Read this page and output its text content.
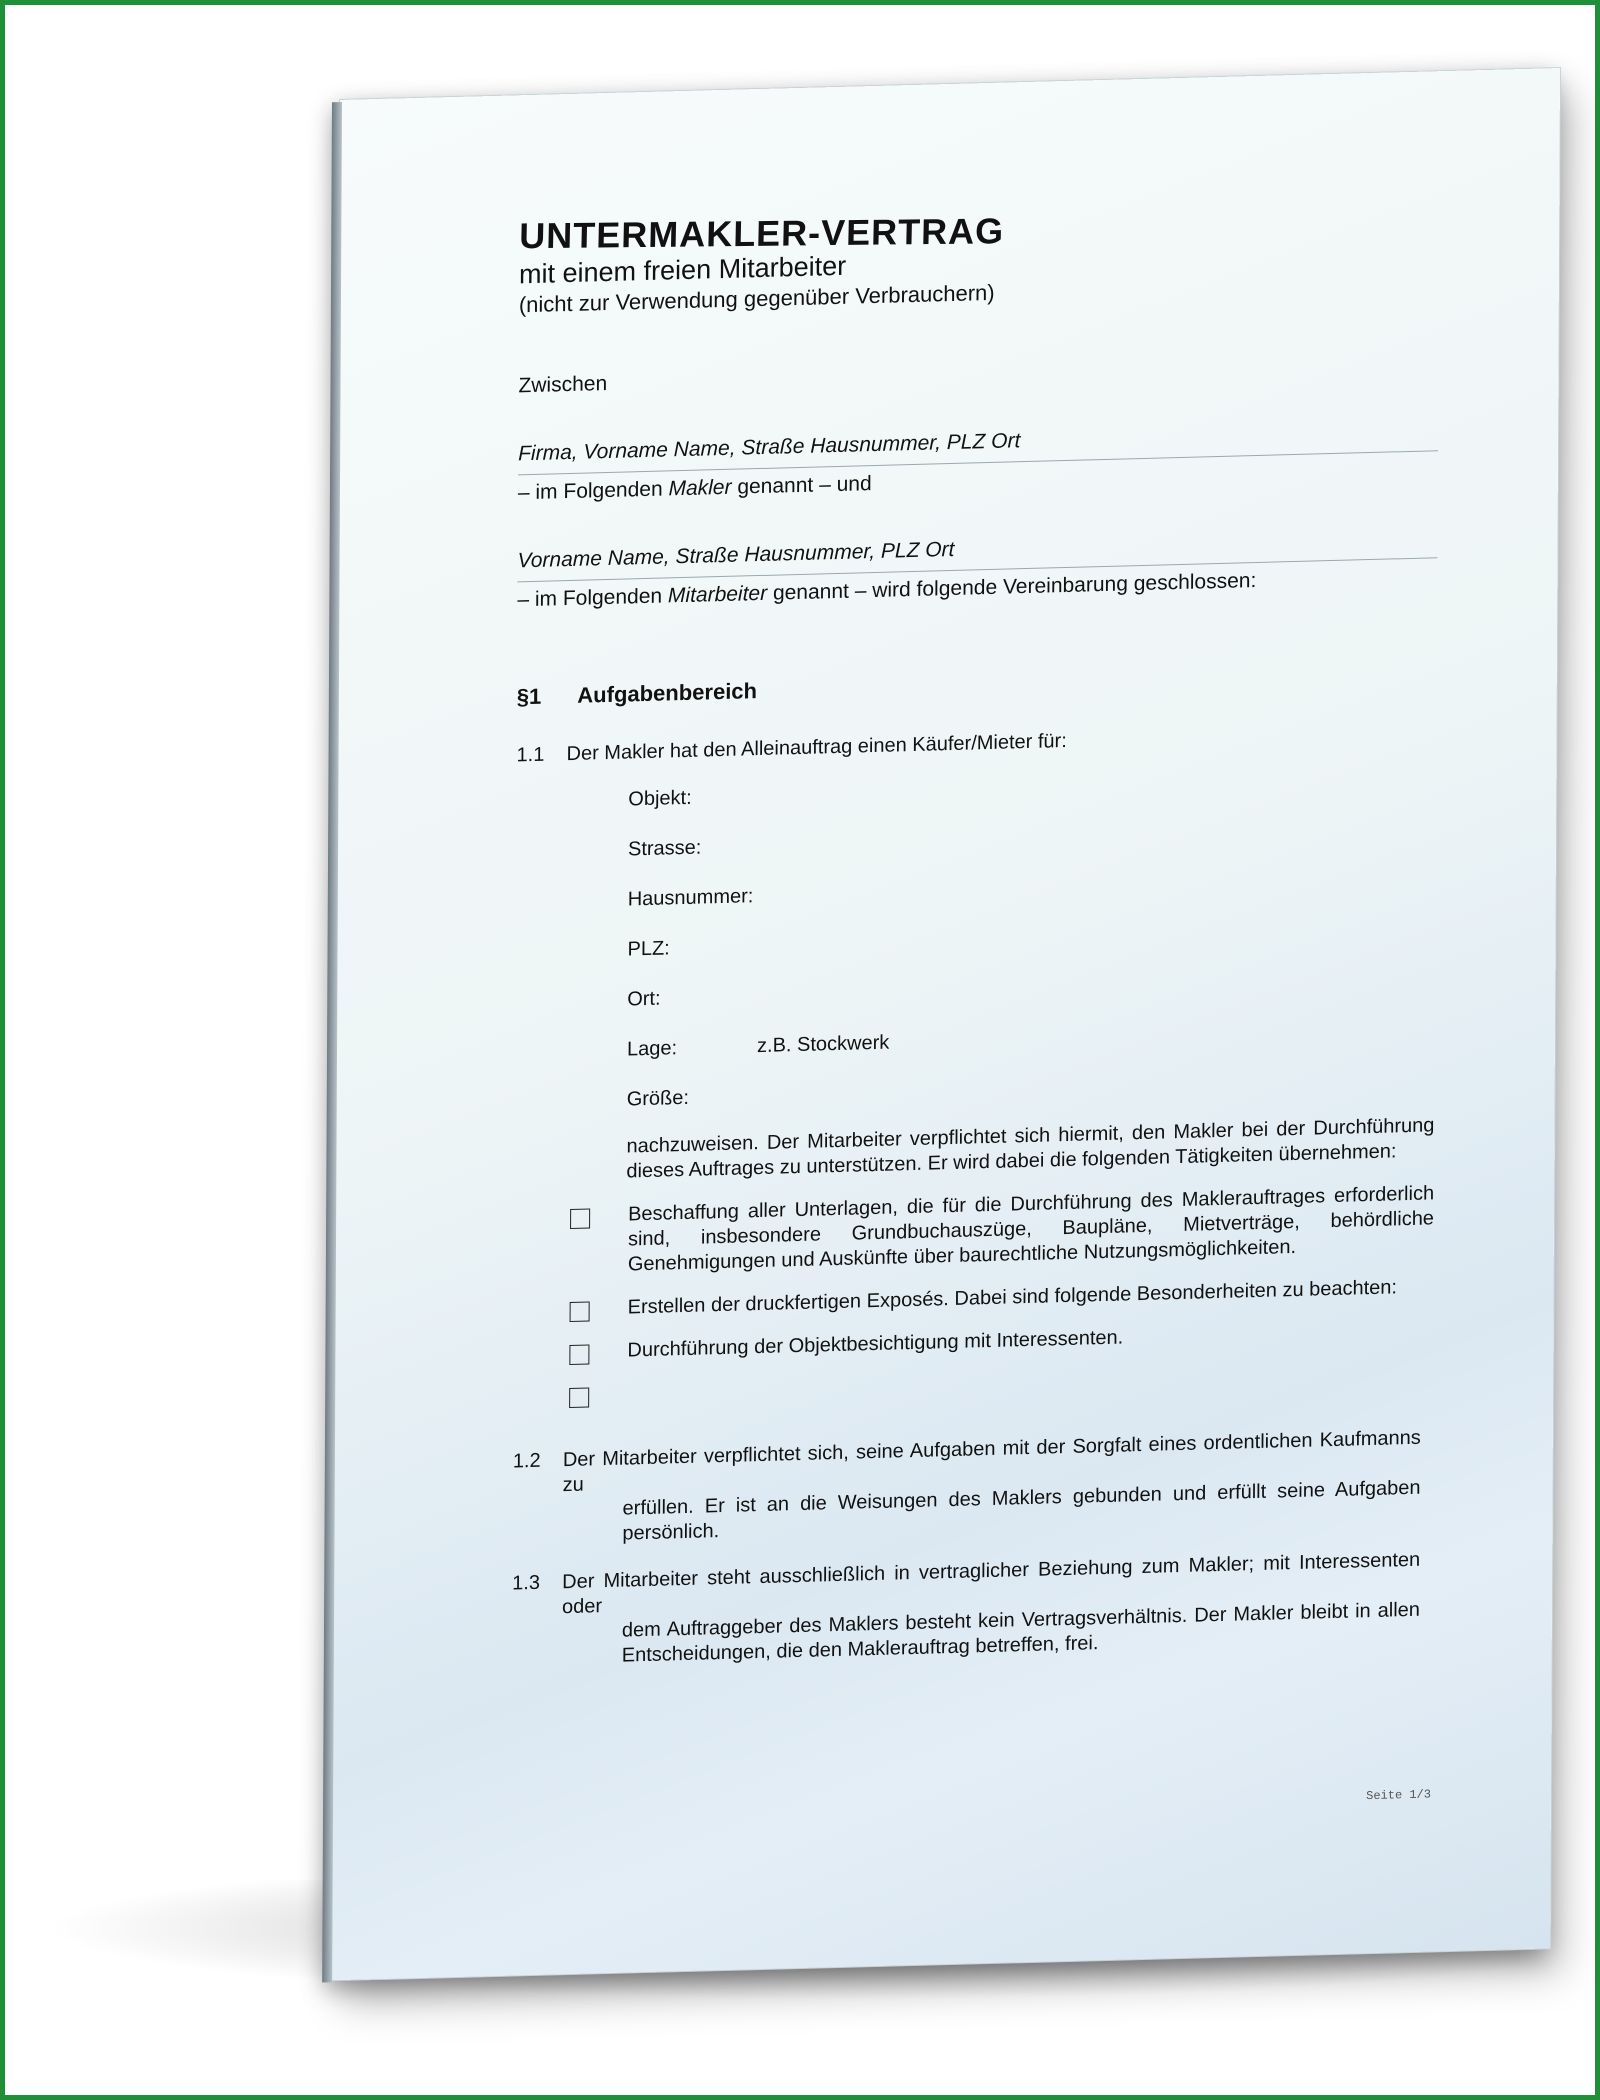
UNTERMAKLER-VERTRAG
mit einem freien Mitarbeiter
(nicht zur Verwendung gegenüber Verbrauchern)
Zwischen
Firma, Vorname Name, Straße Hausnummer, PLZ Ort
– im Folgenden Makler genannt – und
Vorname Name, Straße Hausnummer, PLZ Ort
– im Folgenden Mitarbeiter genannt – wird folgende Vereinbarung geschlossen:
§1 Aufgabenbereich
1.1	Der Makler hat den Alleinauftrag einen Käufer/Mieter für:
Objekt:
Strasse:
Hausnummer:
PLZ:
Ort:
Lage:	z.B. Stockwerk
Größe:
nachzuweisen. Der Mitarbeiter verpflichtet sich hiermit, den Makler bei der Durchführung dieses Auftrages zu unterstützen. Er wird dabei die folgenden Tätigkeiten übernehmen:
Beschaffung aller Unterlagen, die für die Durchführung des Maklerauftrages erforderlich sind, insbesondere Grundbuchauszüge, Baupläne, Mietverträge, behördliche Genehmigungen und Auskünfte über baurechtliche Nutzungsmöglichkeiten.
Erstellen der druckfertigen Exposés. Dabei sind folgende Besonderheiten zu beachten:
Durchführung der Objektbesichtigung mit Interessenten.
1.2	Der Mitarbeiter verpflichtet sich, seine Aufgaben mit der Sorgfalt eines ordentlichen Kaufmanns zu	erfüllen. Er ist an die Weisungen des Maklers gebunden und erfüllt seine Aufgaben persönlich.
1.3	Der Mitarbeiter steht ausschließlich in vertraglicher Beziehung zum Makler; mit Interessenten oder dem Auftraggeber des Maklers besteht kein Vertragsverhältnis. Der Makler bleibt in allen Entscheidungen, die den Maklerauftrag betreffen, frei.
Seite 1/3
